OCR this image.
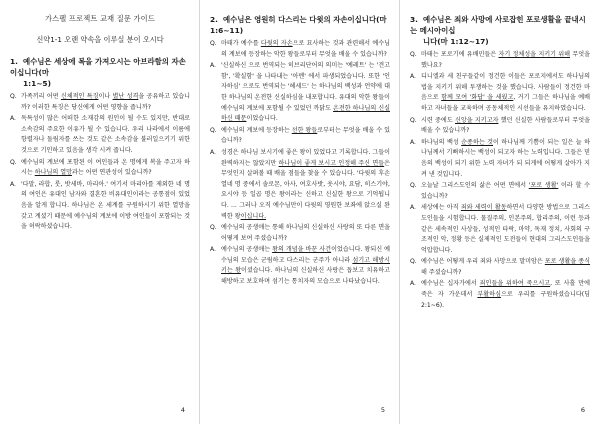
가스펠 프로젝트 교재 질문 가이드
신약1-1 오랜 약속을 이루실 분이 오시다
1. 예수님은 세상에 복을 가져오시는 아브라함의 자손이십니다(마
1:1~5)
Q. 가족끼리 어떤 신체적인 특징이나 별난 성격을 공유하고 있습니까? 이러한 특징은 당신에게 어떤 영향을 줍니까?
A. 독특성이 많은 어떠한 소재감의 원인이 될 수도 있지만, 반대로 소속감의 주요한 이유가 될 수 있습니다. 우리 나라에서 이름에 항렬자나 돌림자를 쓰는 것도 같은 소속감을 불러일으키기 위한 것으로 기인하고 있음을 생각 시켜 줍니다.
Q. 예수님의 계보에 포함된 이 여인들과 온 명에게 복을 주고자 하시는 하나님의 열망과는 어떤 연관성이 있습니까?
A. '다말, 라합, 룻, 밧세바, 마리아.' 여기서 마리아를 제외한 네 명의 여인은 유대인 남자와 결혼한 비유대인이라는 공통점이 있었음을 알게 합니다. 하나님은 온 세계를 구원하시기 위한 열망을 갖고 계셨기 때문에 예수님의 계보에 이방 여인들이 포함되는 것을 허락하셨습니다.
4
2. 예수님은 영원히 다스리는 다윗의 자손이십니다(마 1:6~11)
Q. 마태가 예수를 다윗의 자손으로 묘사하는 것과 관련해서 예수님의 계보에 등장하는 악한 왕들로부터 무엇을 배울 수 있습니까?
A. '신실하신 으로 번역되는 히브리단어의 의미는 '예레트' 는 '견고함', '확실함' 을 나타내는 '아멘' 에서 파생되었습니다. 또한 '인자하심' 으로도 번역되는 '헤세드' 는 하나님의 백성과 언약에 대한 하나님의 온전한 신실하심을 내포합니다. 유대의 악한 왕들이 예수님의 계보에 포함될 수 있었던 까닭도 온전한 하나님의 신실하신 때문이었습니다.
Q. 예수님의 계보에 등장하는 선한 왕들로부터는 무엇을 배울 수 있습니까?
A. 성경은 하나님 보시기에 좋은 왕이 있었다고 기록합니다. 그들이 완벽하지는 않았지만 하나님이 좋게 보시고 인정해 주신 면들은 무엇인지 살펴볼 때 배울 점들을 찾을 수 있습니다. '다윗의 후손 열네 명 중에서 솔로몬, 아사, 여호사밧, 웃시야, 요담, 히스기야, 요시야 등 일곱 명은 왕이라는 신하고 신실한 왕으로 기억됩니다. ... 그러나 오직 예수님만이 다윗의 영원한 보좌에 앉으실 완벽한 왕이십니다.
Q. 예수님의 공생애는 통해 하나님의 신실하신 사랑의 또 다른 면을 어떻게 보여 주셨습니까?
A. 예수님의 공생애는 왕의 개념을 바꾼 사건이었습니다. 왕되신 예수님의 모습은 군림하고 다스리는 군주가 아니라 섬기고 해방시키는 왕이셨습니다. 하나님의 신실하신 사랑은 돕보고 치유하고 해방하고 보호하며 섬기는 통치자의 모습으로 나타났습니다.
5
3. 예수님은 죄와 사망에 사로잡힌 포로생활을 끝내시는 메시아이십
니다(마 1:12~17)
Q. 마태는 포로기에 유배민들은 자기 정체성을 지키기 위해 무엇을 했나요?
A. 디니엘과 세 친구들같이 정건한 이들은 포로지에서도 하나님의 법을 지키기 위해 투쟁하는 것을 했습니다. 사람들이 정건한 마음으로 함께 모여 '화답' 을 세웠고, 거기 그들은 하나님을 예배하고 자녀들을 교육하며 공동체적인 시선들을 유지하였습니다.
Q. 시련 중에도 신앙을 지키고자 했던 신실한 사람들로부터 무엇을 배울 수 있습니까?
A. 하나님의 백성 순종하는 것이 하나님께 기쁨이 되는 일은 늘 하나님께서 기뻐하시는 백성이 되고자 하는 노력입니다. 그들은 믿음의 백성이 되기 위한 노력 자녀가 되 되게에 어떻게 살아가 지켜 낸 것입니다.
Q. 오늘날 그리스도인의 삶은 어떤 면에서 '포로 생활' 이라 할 수 있습니까?
A. 세상에는 아직 죄와 세력이 활동하면서 다양한 방법으로 그리스도인들을 시험합니다. 물질주의, 인본주의, 합리주의, 이런 등과 같은 세속적인 사상들, 성적인 타락, 마약, 독재 정치, 사회의 구조적인 악, 정황 등은 실제적인 도전들이 현대의 그리스도인들을 억압합니다.
Q. 예수님은 어떻게 우리 죄와 사망으로 말미암은 포로 생활을 종식해 주셨습니까?
A. 예수님은 십자가에서 죄인들을 위하여 죽으시고, 또 사흘 만에 죽은 자 가운데서 부활하심으로 우리를 구원하셨습니다(딤 2:1~6).
6
